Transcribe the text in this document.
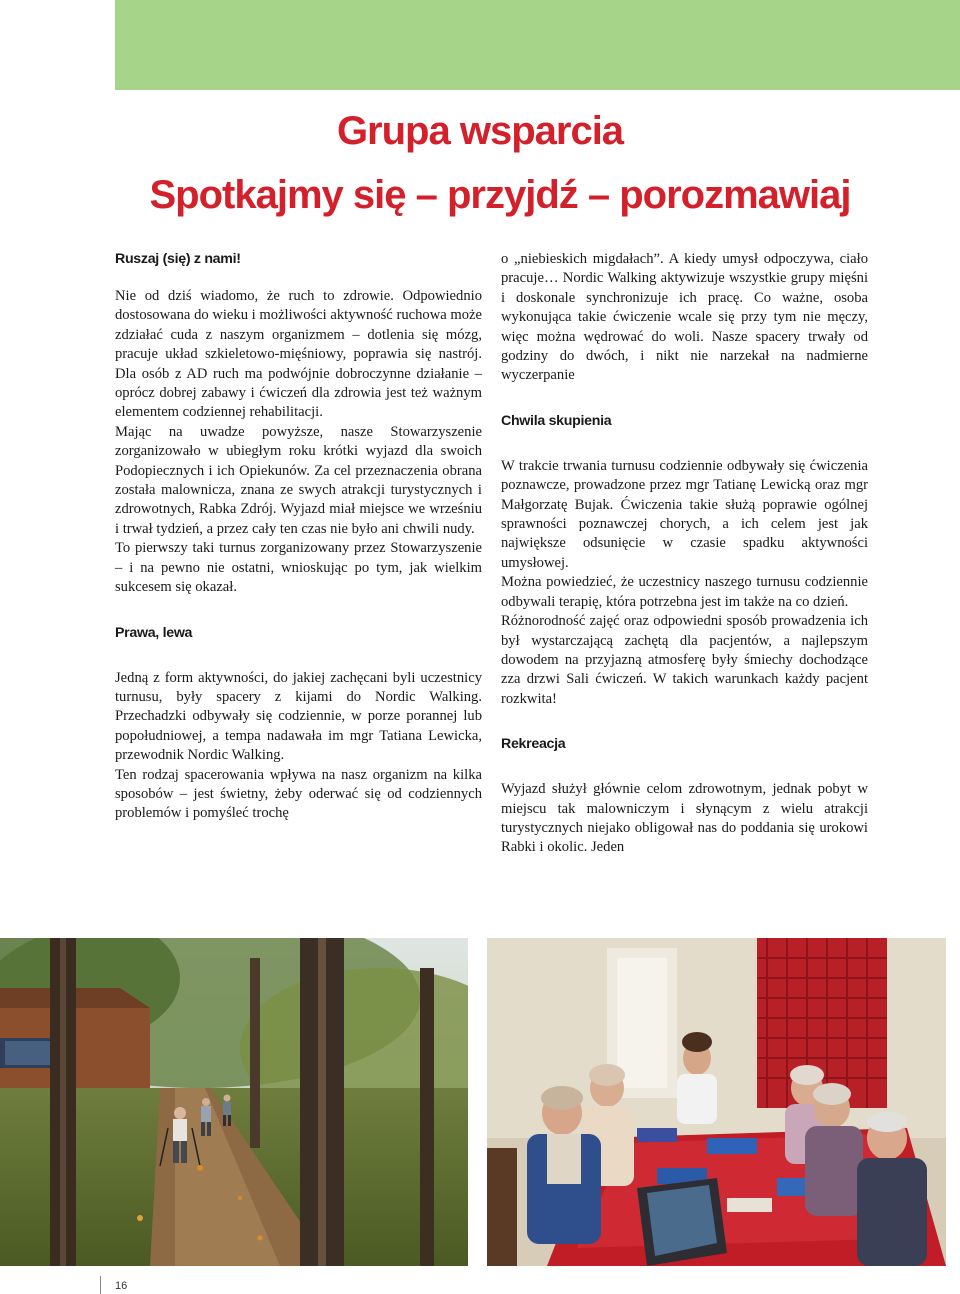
Grupa wsparcia
Spotkajmy się – przyjdź – porozmawiaj

Ruszaj (się) z nami!

Nie od dziś wiadomo, że ruch to zdrowie. Odpowiednio dostosowana do wieku i możliwości aktywność ruchowa może zdziałać cuda z naszym organizmem – dotlenia się mózg, pracuje układ szkieletowo-mięśniowy, poprawia się nastrój. Dla osób z AD ruch ma podwójnie dobroczynne działanie – oprócz dobrej zabawy i ćwiczeń dla zdrowia jest też ważnym elementem codziennej rehabilitacji.

Mając na uwadze powyższe, nasze Stowarzyszenie zorganizowało w ubiegłym roku krótki wyjazd dla swoich Podopiecznych i ich Opiekunów. Za cel przeznaczenia obrana została malownicza, znana ze swych atrakcji turystycznych i zdrowotnych, Rabka Zdrój. Wyjazd miał miejsce we wrześniu i trwał tydzień, a przez cały ten czas nie było ani chwili nudy.

To pierwszy taki turnus zorganizowany przez Stowarzyszenie – i na pewno nie ostatni, wnioskując po tym, jak wielkim sukcesem się okazał.

Prawa, lewa

Jedną z form aktywności, do jakiej zachęcani byli uczestnicy turnusu, były spacery z kijami do Nordic Walking. Przechadzki odbywały się codziennie, w porze porannej lub popołudniowej, a tempa nadawała im mgr Tatiana Lewicka, przewodnik Nordic Walking.

Ten rodzaj spacerowania wpływa na nasz organizm na kilka sposobów – jest świetny, żeby oderwać się od codziennych problemów i pomyśleć trochę

o „niebieskich migdałach”. A kiedy umysł odpoczywa, ciało pracuje… Nordic Walking aktywizuje wszystkie grupy mięśni i doskonale synchronizuje ich pracę. Co ważne, osoba wykonująca takie ćwiczenie wcale się przy tym nie męczy, więc można wędrować do woli. Nasze spacery trwały od godziny do dwóch, i nikt nie narzekał na nadmierne wyczerpanie

Chwila skupienia

W trakcie trwania turnusu codziennie odbywały się ćwiczenia poznawcze, prowadzone przez mgr Tatianę Lewicką oraz mgr Małgorzatę Bujak. Ćwiczenia takie służą poprawie ogólnej sprawności poznawczej chorych, a ich celem jest jak największe odsunięcie w czasie spadku aktywności umysłowej.

Można powiedzieć, że uczestnicy naszego turnusu codziennie odbywali terapię, która potrzebna jest im także na co dzień.

Różnorodność zajęć oraz odpowiedni sposób prowadzenia ich był wystarczającą zachętą dla pacjentów, a najlepszym dowodem na przyjazną atmosferę były śmiechy dochodzące zza drzwi Sali ćwiczeń. W takich warunkach każdy pacjent rozkwita!

Rekreacja

Wyjazd służył głównie celom zdrowotnym, jednak pobyt w miejscu tak malowniczym i słynącym z wielu atrakcji turystycznych niejako obligował nas do poddania się urokowi Rabki i okolic. Jeden

16
